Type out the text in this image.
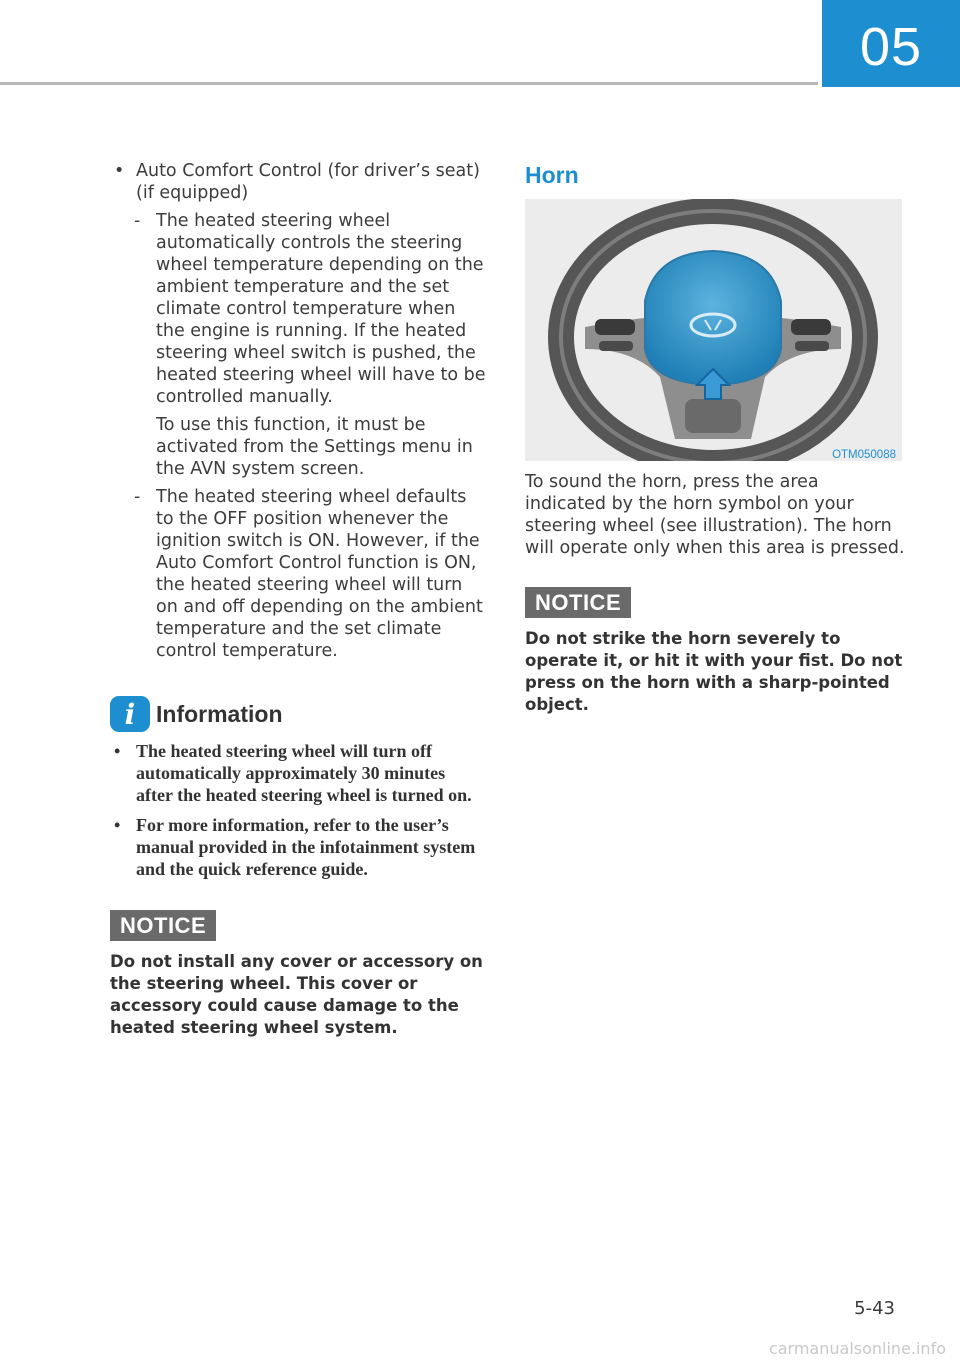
05
• Auto Comfort Control (for driver’s seat) (if equipped)
- The heated steering wheel automatically controls the steering wheel temperature depending on the ambient temperature and the set climate control temperature when the engine is running. If the heated steering wheel switch is pushed, the heated steering wheel will have to be controlled manually.
To use this function, it must be activated from the Settings menu in the AVN system screen.
- The heated steering wheel defaults to the OFF position whenever the ignition switch is ON. However, if the Auto Comfort Control function is ON, the heated steering wheel will turn on and off depending on the ambient temperature and the set climate control temperature.
i Information
• The heated steering wheel will turn off automatically approximately 30 minutes after the heated steering wheel is turned on.
• For more information, refer to the user’s manual provided in the infotainment system and the quick reference guide.
NOTICE
Do not install any cover or accessory on the steering wheel. This cover or accessory could cause damage to the heated steering wheel system.
Horn
OTM050088
To sound the horn, press the area indicated by the horn symbol on your steering wheel (see illustration). The horn will operate only when this area is pressed.
NOTICE
Do not strike the horn severely to operate it, or hit it with your fist. Do not press on the horn with a sharp-pointed object.
5-43
carmanualsonline.info
